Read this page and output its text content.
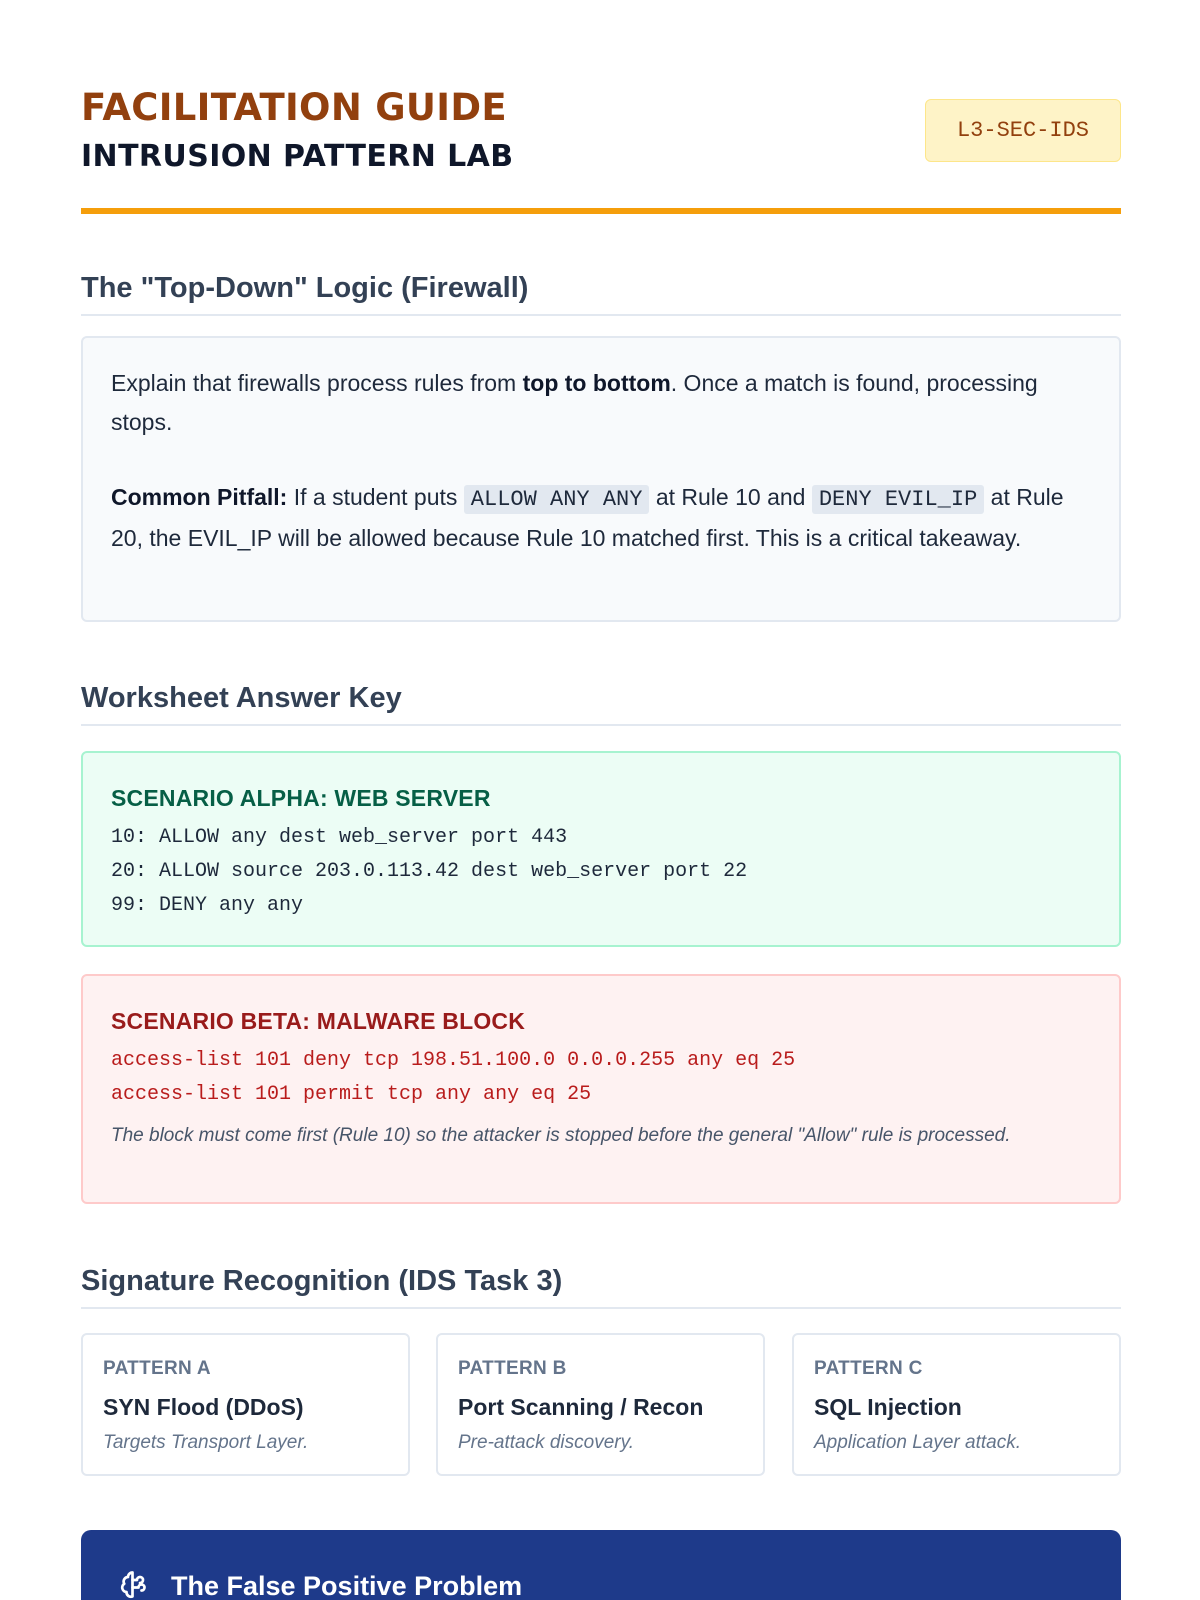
FACILITATION GUIDE
INTRUSION PATTERN LAB
L3-SEC-IDS
The "Top-Down" Logic (Firewall)

Explain that firewalls process rules from top to bottom. Once a match is found, processing stops.

Common Pitfall: If a student puts ALLOW ANY ANY at Rule 10 and DENY EVIL_IP at Rule 20, the EVIL_IP will be allowed because Rule 10 matched first. This is a critical takeaway.

Worksheet Answer Key
SCENARIO ALPHA: WEB SERVER
10: ALLOW any dest web_server port 443
20: ALLOW source 203.0.113.42 dest web_server port 22
99: DENY any any
SCENARIO BETA: MALWARE BLOCK
access-list 101 deny tcp 198.51.100.0 0.0.0.255 any eq 25
access-list 101 permit tcp any any eq 25
The block must come first (Rule 10) so the attacker is stopped before the general "Allow" rule is processed.
Signature Recognition (IDS Task 3)
PATTERN A
SYN Flood (DDoS)
Targets Transport Layer.
PATTERN B
Port Scanning / Recon
Pre-attack discovery.
PATTERN C
SQL Injection
Application Layer attack.
The False Positive Problem
